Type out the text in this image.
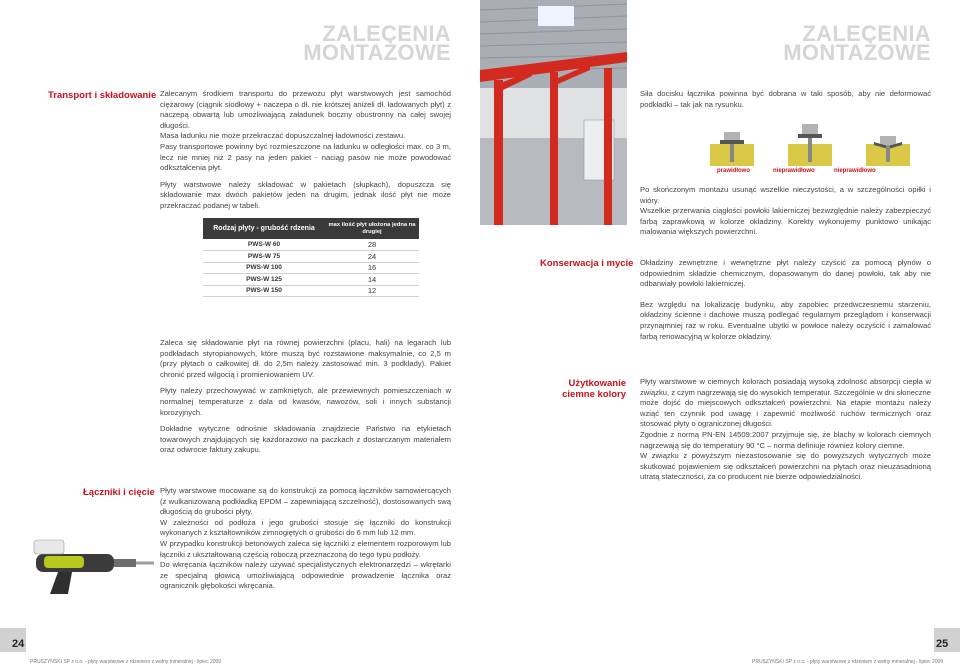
ZALECENIA
MONTAŻOWE
Transport i składowanie Zalecanym środkiem transportu do przewozu płyt warstwowych jest samochód ciężarowy (ciągnik siodłowy + naczepa o dł. nie krótszej aniżeli dł. ładowanych płyt) z naczepą obwartą lub umożliwiającą załadunek boczny obustronny na całej swojej długości.

Masa ładunku nie może przekraczać dopuszczalnej ładowności zestawu.

Pasy transportowe powinny być rozmieszczone na ładunku w odległości max. co 3 m, lecz nie mniej niż 2 pasy na jeden pakiet - naciąg pasów nie może powodować odkształcenia płyt.

Płyty warstwowe należy składować w pakietach (słupkach), dopuszcza się składowanie max dwóch pakietów jeden na drugim, jednak ilość płyt nie może przekraczać podanej w tabeli.

Rodzaj płyty - grubość rdzenia	max ilość płyt ułożona jedna na drugiej
PWS-W 60	28
PWS-W 75	24
PWS-W 100	16
PWS-W 125	14
PWS-W 150	12

Zaleca się składowanie płyt na równej powierzchni (placu, hali) na legarach lub podkładach styropianowych, które muszą być rozstawione maksymalnie, co 2,5 m (przy płytach o całkowitej dł. do 2,5m należy zastosować min. 3 podkłady). Pakiet chronić przed wilgocią i promieniowaniem UV.

Płyty należy przechowywać w zamkniętych, ale przewiewnych pomieszczeniach w normalnej temperaturze z dala od kwasów, nawozów, soli i innych substancji korozyjnych.

Dokładne wytyczne odnośnie składowania znajdziecie Państwo na etykietach towarowych znajdujących się każdorazowo na paczkach z dostarczanym materiałem oraz odwrocie faktury zakupu.

Łączniki i cięcie Płyty warstwowe mocowane są do konstrukcji za pomocą łączników samowiercących (z wulkanizowaną podkładką EPDM – zapewniającą szczelność), dostosowanych swą długością do grubości płyty.

W zależności od podłoża i jego grubości stosuje się łączniki do konstrukcji wykonanych z kształtowników zimnogiętych o grubości do 6 mm lub 12 mm.

W przypadku konstrukcji betonowych zaleca się łączniki z elementem rozporowym lub łączniki z ukształtowaną częścią roboczą przeznaczoną do tego typu podłoży.

Do wkręcania łączników należy używać specjalistycznych elektronarzędzi – wkrętarki ze specjalną głowicą umożliwiającą odpowiednie prowadzenie łącznika oraz ogranicznik głębokości wkręcania.

24
PRUSZYŃSKI SP z o.o. - płyty warstwowe z rdzeniem z wełny mineralnej - lipiec 2009
ZALECENIA
MONTAŻOWE
Siła docisku łącznika powinna być dobrana w taki sposób, aby nie deformować podkładki – tak jak na rysunku.
prawidłowo	nieprawidłowo	nieprawidłowo

Po skończonym montażu usunąć wszelkie nieczystości, a w szczególności opiłki i wióry.

Wszelkie przerwania ciągłości powłoki lakierniczej bezwzględnie należy zabezpieczyć farbą zaprawkową w kolorze okładziny. Korekty wykonujemy punktowo unikając malowania większych powierzchni.

Konserwacja i mycie Okładziny zewnętrzne i wewnętrzne płyt należy czyścić za pomocą płynów o odpowiednim składzie chemicznym, dopasowanym do danej powłoki, tak aby nie odbarwiały powłoki lakierniczej.

Bez względu na lokalizację budynku, aby zapobiec przedwczesnemu starzeniu, okładziny ścienne i dachowe muszą podlegać regularnym przeglądom i konserwacji przynajmniej raz w roku. Eventualne ubytki w powłoce należy oczyścić i zamalować farbą renowacyjną w kolorze okładziny.

Użytkowanie
ciemne kolory

Płyty warstwowe w ciemnych kolorach posiadają wysoką zdolność absorpcji ciepła w związku, z czym nagrzewają się do wysokich temperatur. Szczególnie w dni słoneczne może dojść do miejscowych odkształceń powierzchni. Na etapie montażu należy wziąć ten czynnik pod uwagę i zapewnić możliwość ruchów termicznych oraz stosować płyty o ograniczonej długości.

Zgodnie z normą PN-EN 14509:2007 przyjmuje się, że blachy w kolorach ciemnych nagrzewają się do temperatury 90 °C – norma definiuje również kolory ciemne.

W związku z powyższym niezastosowanie się do powyższych wytycznych może skutkować pojawieniem się odkształceń powierzchni na płytach oraz nieuzasadnioną utratą stateczności, za co producent nie bierze odpowiedzialności.

25
PRUSZYŃSKI SP z o.o. - płyty warstwowe z rdzeniem z wełny mineralnej - lipiec 2009
